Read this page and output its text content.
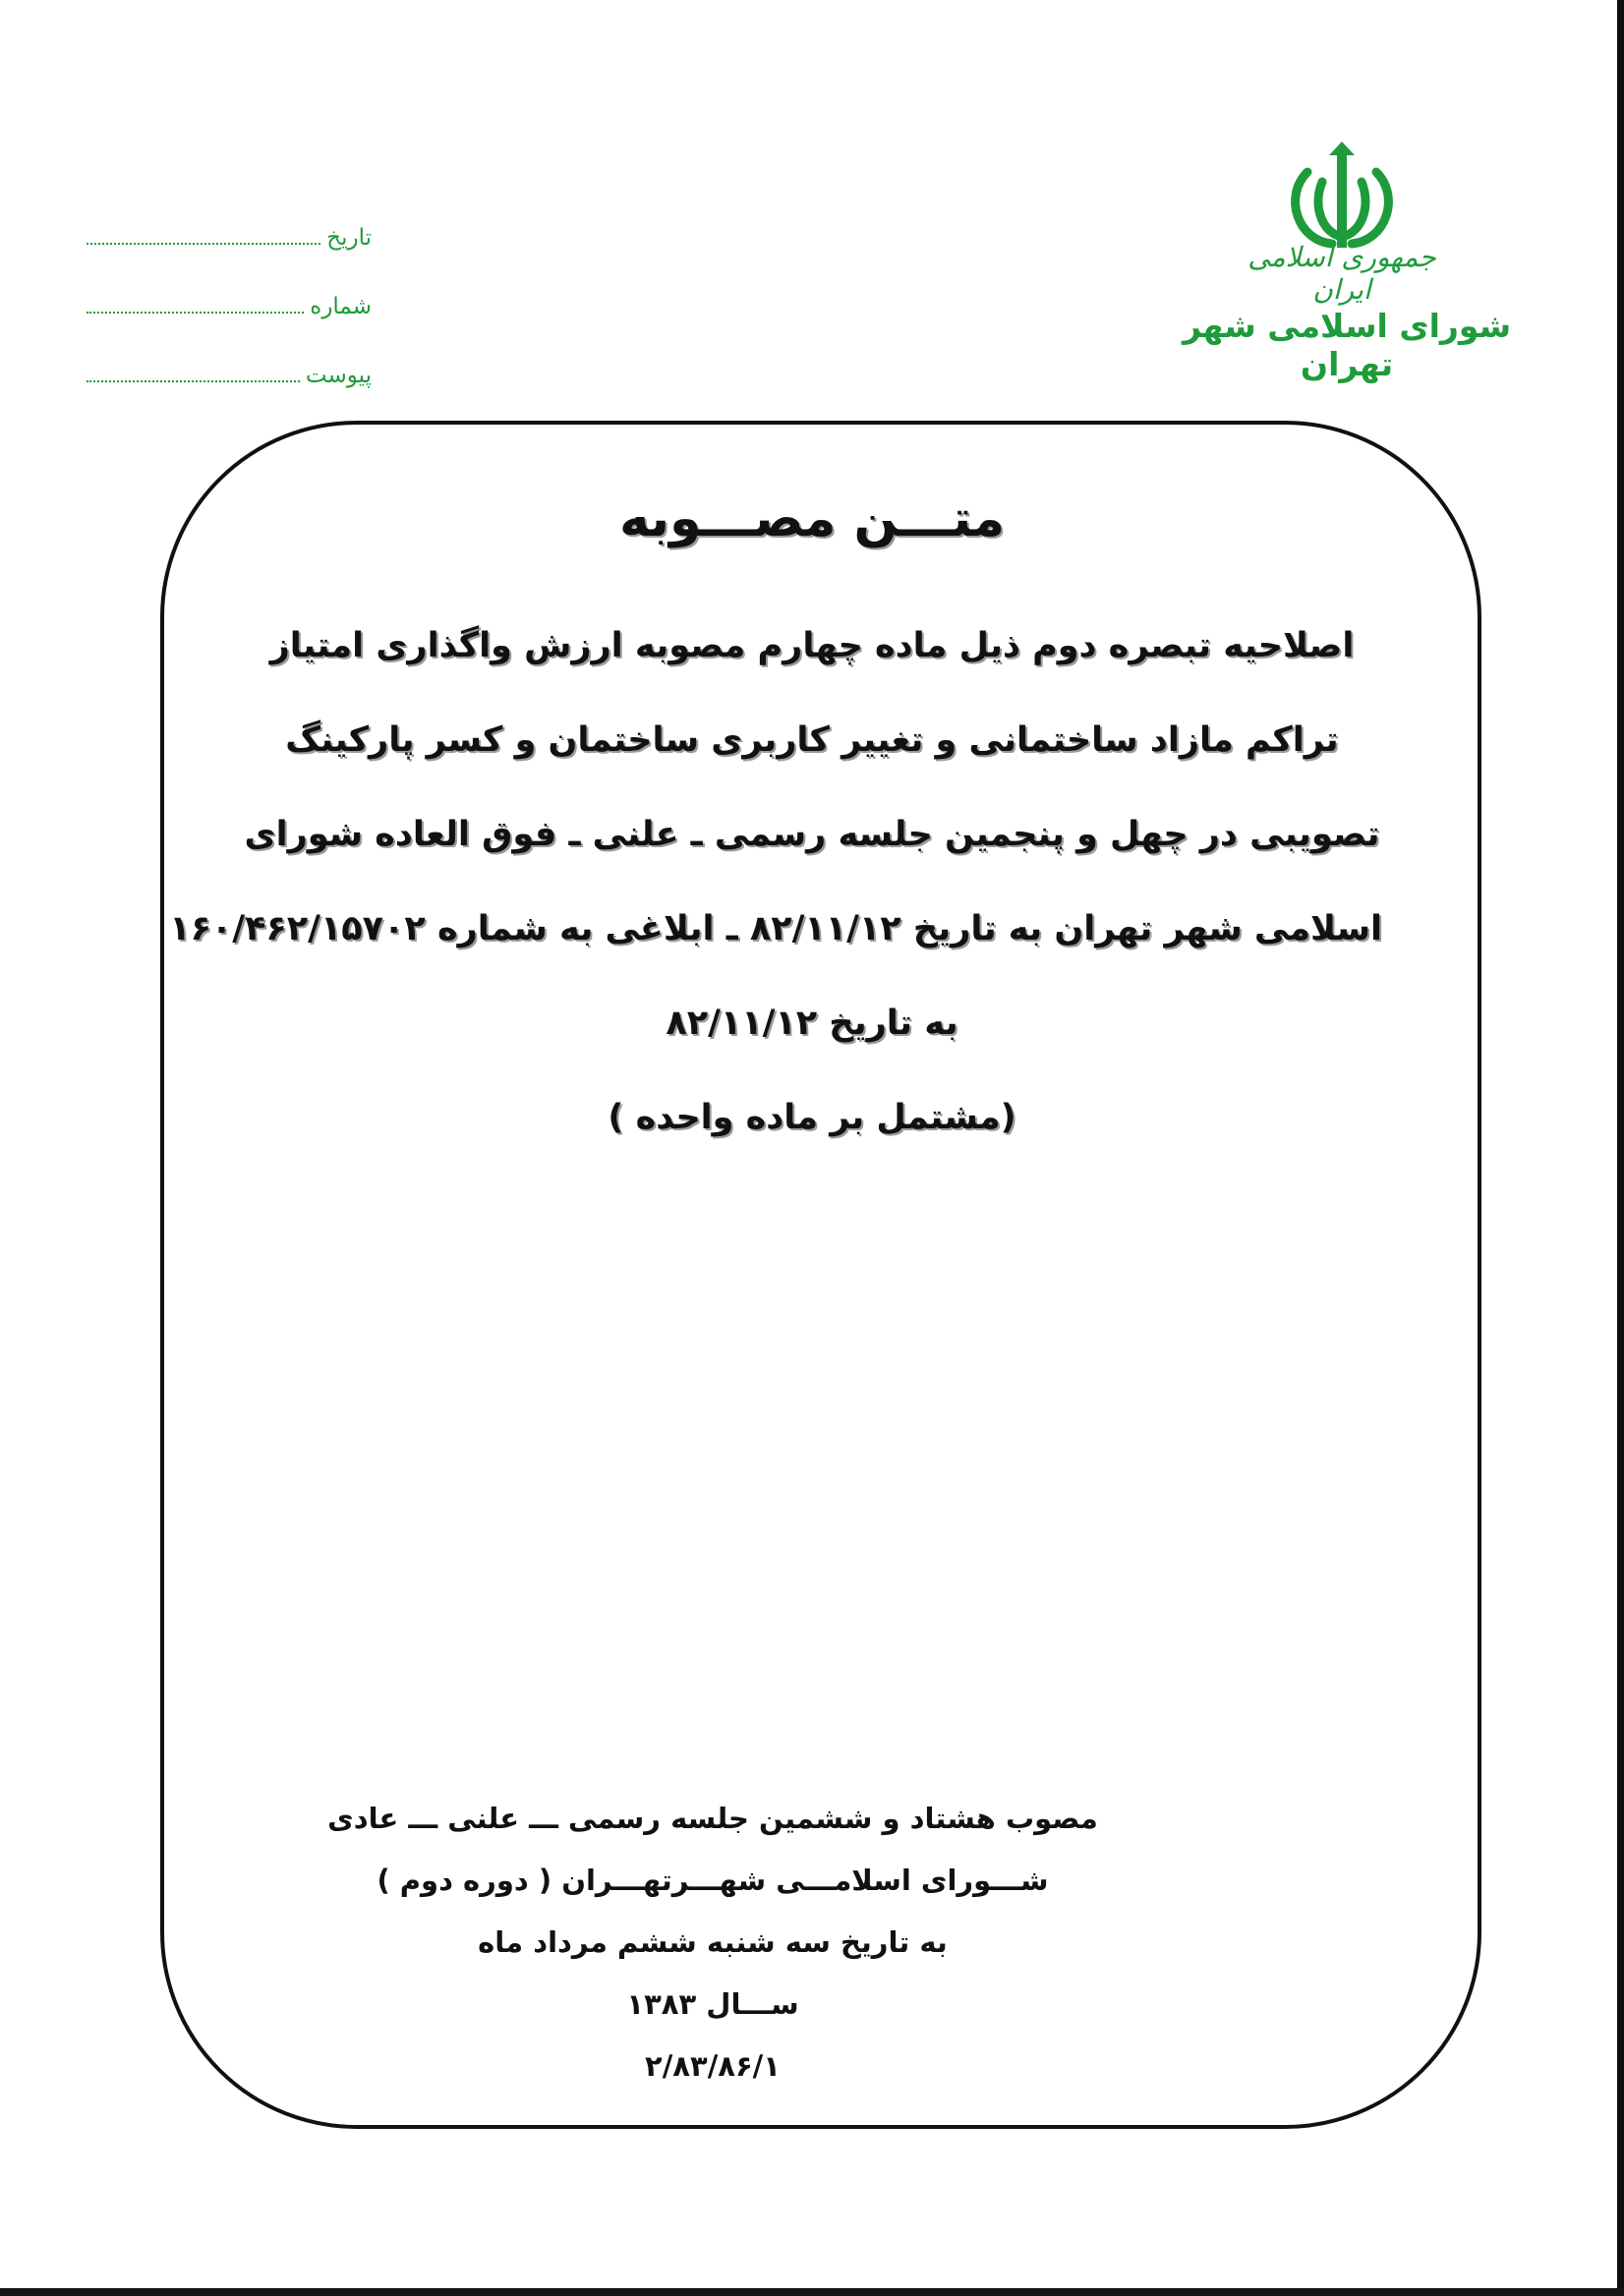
جمهوری اسلامی ایران
شورای اسلامی شهر تهران
تاریخ
شماره
پیوست
متـــن مصـــوبه
اصلاحیه تبصره دوم ذیل ماده چهارم مصوبه ارزش واگذاری امتیاز
تراکم مازاد ساختمانی و تغییر کاربری ساختمان و کسر پارکینگ
تصویبی در چهل و پنجمین جلسه رسمی ـ علنی ـ فوق العاده شورای
اسلامی شهر تهران به تاریخ ۸۲/۱۱/۱۲ ـ ابلاغی به شماره ۱۶۰/۴۶۲/۱۵۷۰۲
به تاریخ ۸۲/۱۱/۱۲
(مشتمل بر ماده واحده )
مصوب هشتاد و ششمین جلسه رسمی ـــ علنی ـــ عادی
شـــورای اسلامـــی شهـــرتهـــران ( دوره دوم )
به تاریخ سه شنبه ششم مرداد ماه
ســـال ۱۳۸۳
۲/۸۳/۸۶/۱
